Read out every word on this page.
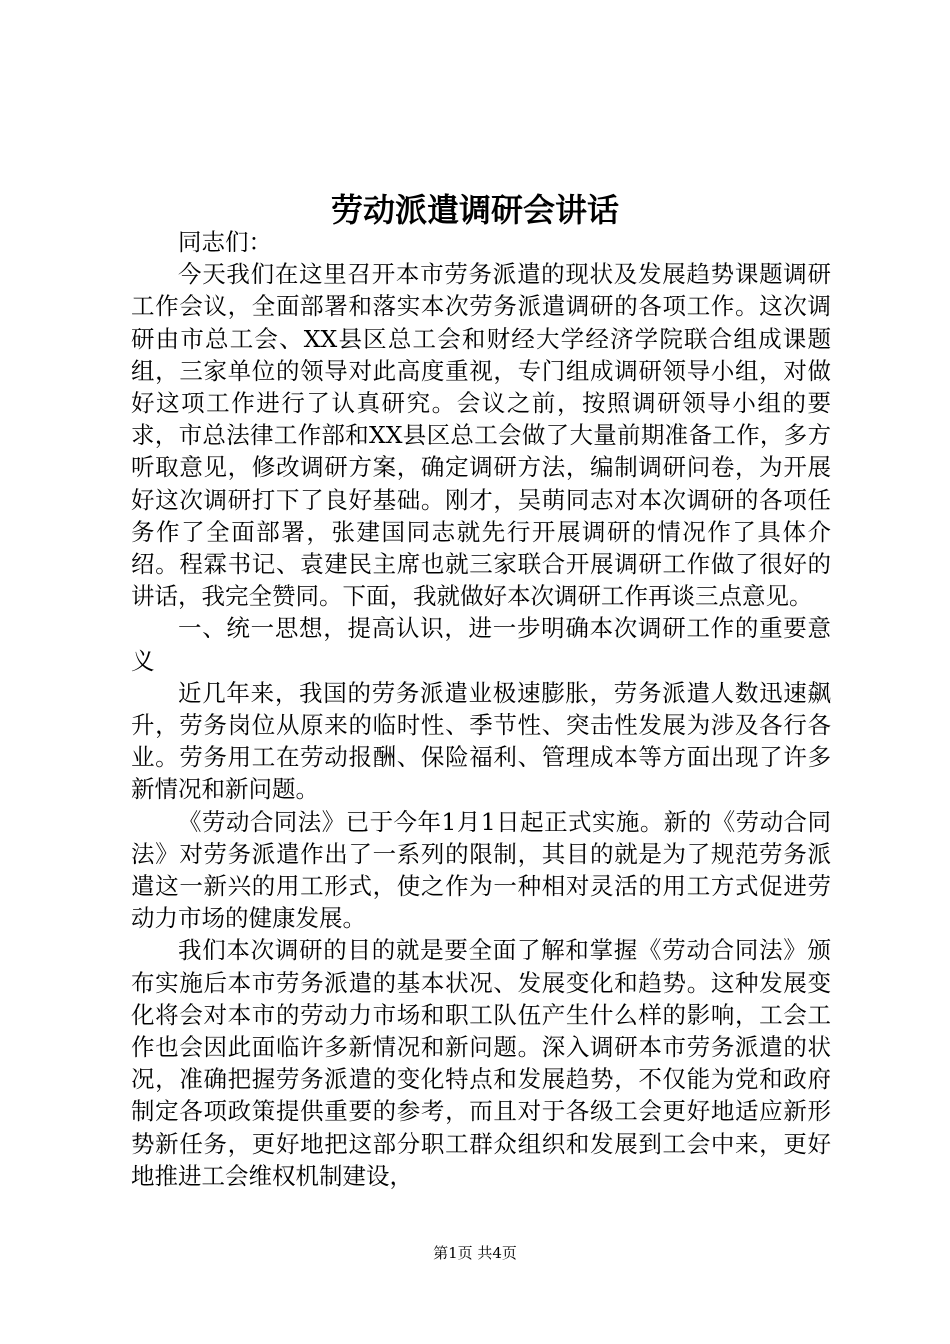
劳动派遣调研会讲话

同志们：

今天我们在这里召开本市劳务派遣的现状及发展趋势课题调研工作会议，全面部署和落实本次劳务派遣调研的各项工作。这次调研由市总工会、XX县区总工会和财经大学经济学院联合组成课题组，三家单位的领导对此高度重视，专门组成调研领导小组，对做好这项工作进行了认真研究。会议之前，按照调研领导小组的要求，市总法律工作部和XX县区总工会做了大量前期准备工作，多方听取意见，修改调研方案，确定调研方法，编制调研问卷，为开展好这次调研打下了良好基础。刚才，吴萌同志对本次调研的各项任务作了全面部署，张建国同志就先行开展调研的情况作了具体介绍。程霖书记、袁建民主席也就三家联合开展调研工作做了很好的讲话，我完全赞同。下面，我就做好本次调研工作再谈三点意见。

一、统一思想，提高认识，进一步明确本次调研工作的重要意义

近几年来，我国的劳务派遣业极速膨胀，劳务派遣人数迅速飙升，劳务岗位从原来的临时性、季节性、突击性发展为涉及各行各业。劳务用工在劳动报酬、保险福利、管理成本等方面出现了许多新情况和新问题。

《劳动合同法》已于今年1月1日起正式实施。新的《劳动合同法》对劳务派遣作出了一系列的限制，其目的就是为了规范劳务派遣这一新兴的用工形式，使之作为一种相对灵活的用工方式促进劳动力市场的健康发展。

我们本次调研的目的就是要全面了解和掌握《劳动合同法》颁布实施后本市劳务派遣的基本状况、发展变化和趋势。这种发展变化将会对本市的劳动力市场和职工队伍产生什么样的影响，工会工作也会因此面临许多新情况和新问题。深入调研本市劳务派遣的状况，准确把握劳务派遣的变化特点和发展趋势，不仅能为党和政府制定各项政策提供重要的参考，而且对于各级工会更好地适应新形势新任务，更好地把这部分职工群众组织和发展到工会中来，更好地推进工会维权机制建设，

第1页 共4页
